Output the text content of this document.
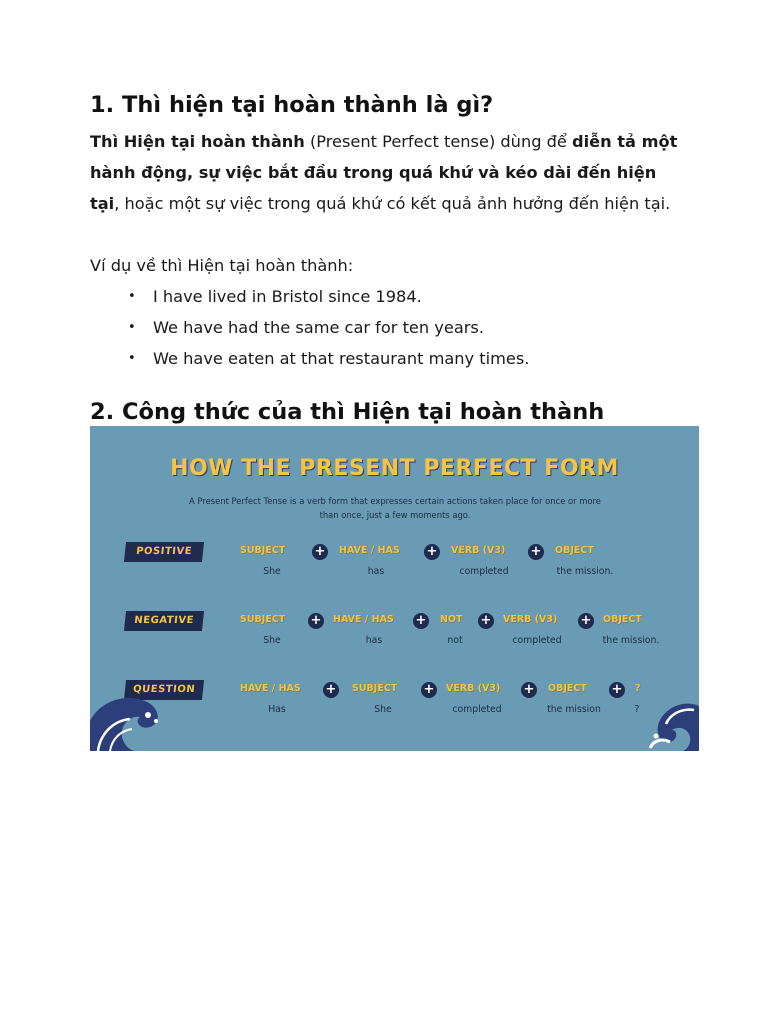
1. Thì hiện tại hoàn thành là gì?

Thì Hiện tại hoàn thành (Present Perfect tense) dùng để diễn tả một hành động, sự việc bắt đầu trong quá khứ và kéo dài đến hiện tại, hoặc một sự việc trong quá khứ có kết quả ảnh hưởng đến hiện tại.

Ví dụ về thì Hiện tại hoàn thành:

• I have lived in Bristol since 1984.
• We have had the same car for ten years.
• We have eaten at that restaurant many times.
2. Công thức của thì Hiện tại hoàn thành
HOW THE PRESENT PERFECT FORM
A Present Perfect Tense is a verb form that expresses certain actions taken place for once or more than once, just a few moments ago.
POSITIVE	SUBJECT + HAVE / HAS + VERB (V3) + OBJECT
She	has	completed	the mission.
NEGATIVE	SUBJECT + HAVE / HAS + NOT + VERB (V3) + OBJECT
She	has	not	completed	the mission.
QUESTION	HAVE / HAS + SUBJECT + VERB (V3) + OBJECT + ?
Has	She	completed	the mission	?
